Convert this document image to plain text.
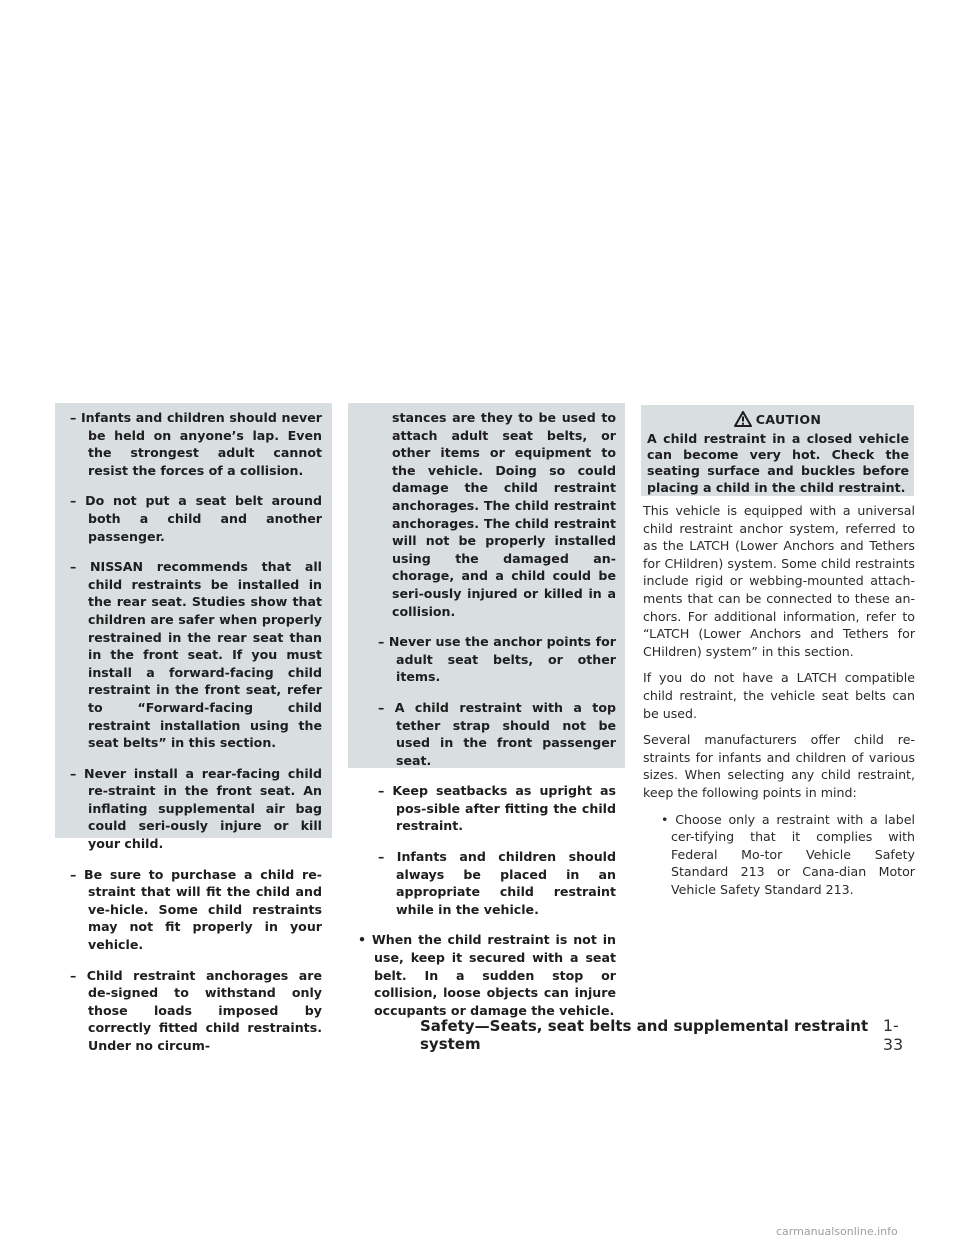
– Infants and children should never be held on anyone’s lap. Even the strongest adult cannot resist the forces of a collision.

– Do not put a seat belt around both a child and another passenger.

– NISSAN recommends that all child restraints be installed in the rear seat. Studies show that children are safer when properly restrained in the rear seat than in the front seat. If you must install a forward-facing child restraint in the front seat, refer to “Forward-facing child restraint installation using the seat belts” in this section.

– Never install a rear-facing child re-straint in the front seat. An inflating supplemental air bag could seri-ously injure or kill your child.

– Be sure to purchase a child re-straint that will fit the child and ve-hicle. Some child restraints may not fit properly in your vehicle.

– Child restraint anchorages are de-signed to withstand only those loads imposed by correctly fitted child restraints. Under no circum-

stances are they to be used to attach adult seat belts, or other items or equipment to the vehicle. Doing so could damage the child restraint anchorages. The child restraint anchorages. The child restraint will not be properly installed using the damaged an-chorage, and a child could be seri-ously injured or killed in a collision.

– Never use the anchor points for adult seat belts, or other items.

– A child restraint with a top tether strap should not be used in the front passenger seat.

– Keep seatbacks as upright as pos-sible after fitting the child restraint.

– Infants and children should always be placed in an appropriate child restraint while in the vehicle.

• When the child restraint is not in use, keep it secured with a seat belt. In a sudden stop or collision, loose objects can injure occupants or damage the vehicle.

CAUTION
A child restraint in a closed vehicle can become very hot. Check the seating surface and buckles before placing a child in the child restraint.

This vehicle is equipped with a universal child restraint anchor system, referred to as the LATCH (Lower Anchors and Tethers for CHildren) system. Some child restraints include rigid or webbing-mounted attach-ments that can be connected to these an-chors. For additional information, refer to “LATCH (Lower Anchors and Tethers for CHildren) system” in this section.

If you do not have a LATCH compatible child restraint, the vehicle seat belts can be used.

Several manufacturers offer child re-straints for infants and children of various sizes. When selecting any child restraint, keep the following points in mind:

• Choose only a restraint with a label cer-tifying that it complies with Federal Mo-tor Vehicle Safety Standard 213 or Cana-dian Motor Vehicle Safety Standard 213.

Safety—Seats, seat belts and supplemental restraint system
1-33
carmanualsonline.info
